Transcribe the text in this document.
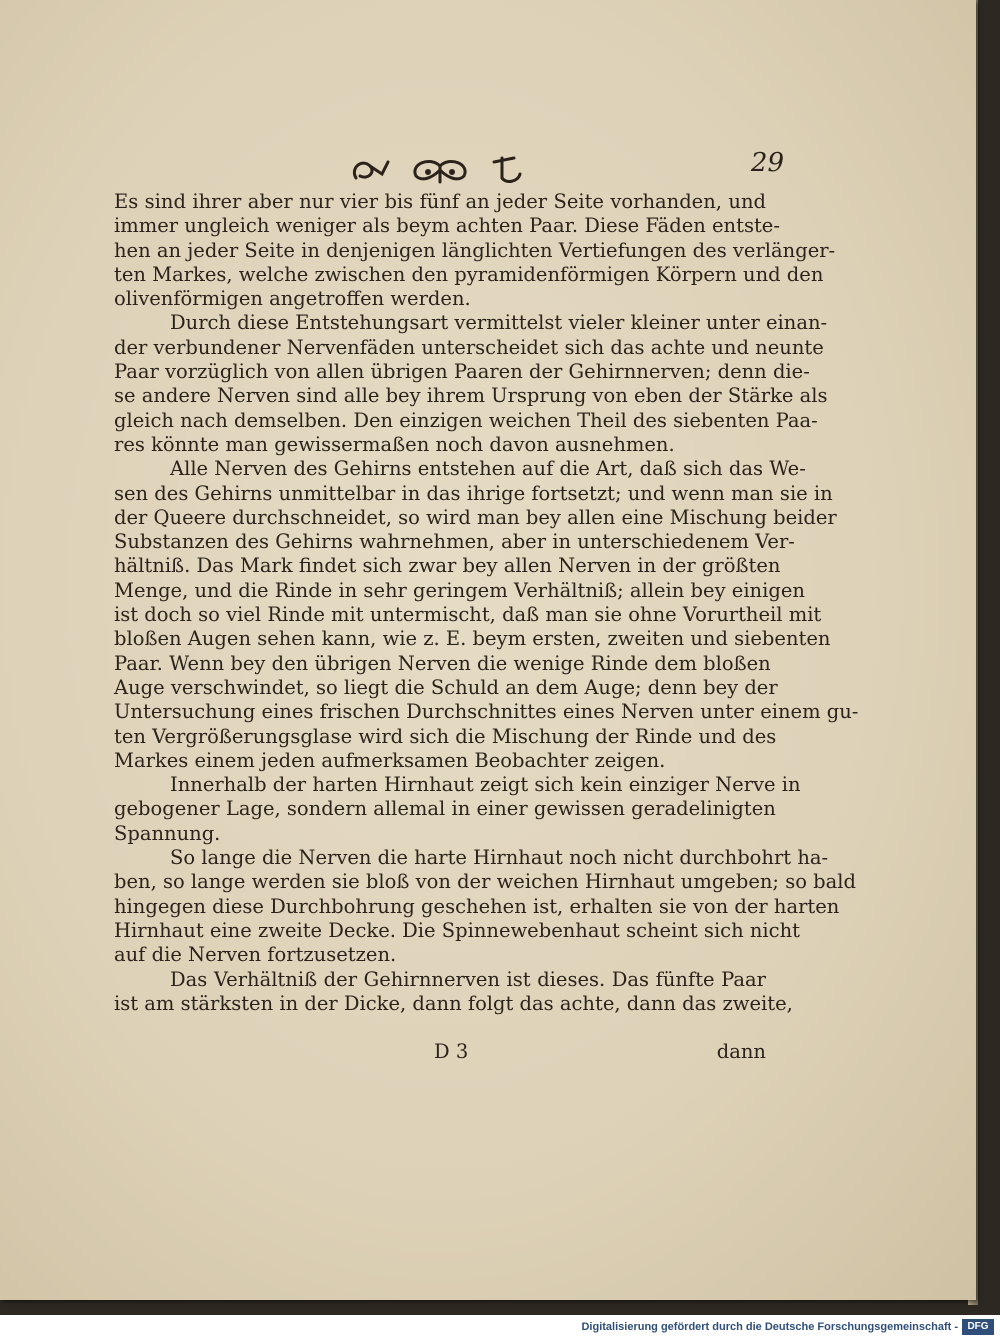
29
Es sind ihrer aber nur vier bis fünf an jeder Seite vorhanden, und
immer ungleich weniger als beym achten Paar. Diese Fäden entste-
hen an jeder Seite in denjenigen länglichten Vertiefungen des verlänger-
ten Markes, welche zwischen den pyramidenförmigen Körpern und den
olivenförmigen angetroffen werden.
Durch diese Entstehungsart vermittelst vieler kleiner unter einan-
der verbundener Nervenfäden unterscheidet sich das achte und neunte
Paar vorzüglich von allen übrigen Paaren der Gehirnnerven; denn die-
se andere Nerven sind alle bey ihrem Ursprung von eben der Stärke als
gleich nach demselben. Den einzigen weichen Theil des siebenten Paa-
res könnte man gewissermaßen noch davon ausnehmen.
Alle Nerven des Gehirns entstehen auf die Art, daß sich das We-
sen des Gehirns unmittelbar in das ihrige fortsetzt; und wenn man sie in
der Queere durchschneidet, so wird man bey allen eine Mischung beider
Substanzen des Gehirns wahrnehmen, aber in unterschiedenem Ver-
hältniß. Das Mark findet sich zwar bey allen Nerven in der größten
Menge, und die Rinde in sehr geringem Verhältniß; allein bey einigen
ist doch so viel Rinde mit untermischt, daß man sie ohne Vorurtheil mit
bloßen Augen sehen kann, wie z. E. beym ersten, zweiten und siebenten
Paar. Wenn bey den übrigen Nerven die wenige Rinde dem bloßen
Auge verschwindet, so liegt die Schuld an dem Auge; denn bey der
Untersuchung eines frischen Durchschnittes eines Nerven unter einem gu-
ten Vergrößerungsglase wird sich die Mischung der Rinde und des
Markes einem jeden aufmerksamen Beobachter zeigen.
Innerhalb der harten Hirnhaut zeigt sich kein einziger Nerve in
gebogener Lage, sondern allemal in einer gewissen geradelinigten
Spannung.
So lange die Nerven die harte Hirnhaut noch nicht durchbohrt ha-
ben, so lange werden sie bloß von der weichen Hirnhaut umgeben; so bald
hingegen diese Durchbohrung geschehen ist, erhalten sie von der harten
Hirnhaut eine zweite Decke. Die Spinnewebenhaut scheint sich nicht
auf die Nerven fortzusetzen.
Das Verhältniß der Gehirnnerven ist dieses. Das fünfte Paar
ist am stärksten in der Dicke, dann folgt das achte, dann das zweite,
D 3	dann
Digitalisierung gefördert durch die Deutsche Forschungsgemeinschaft - DFG
